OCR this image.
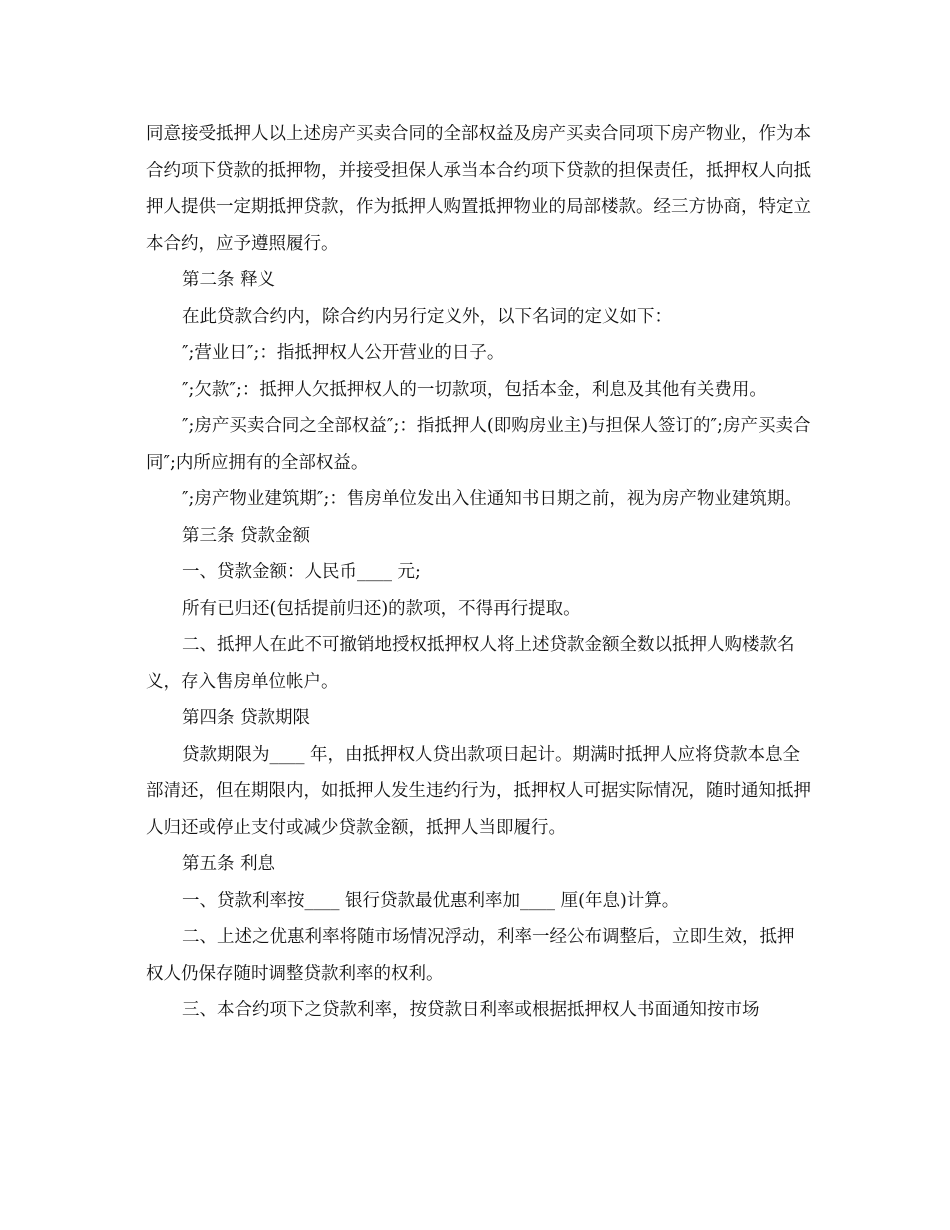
同意接受抵押人以上述房产买卖合同的全部权益及房产买卖合同项下房产物业，作为本合约项下贷款的抵押物，并接受担保人承当本合约项下贷款的担保责任，抵押权人向抵押人提供一定期抵押贷款，作为抵押人购置抵押物业的局部楼款。经三方协商，特定立本合约，应予遵照履行。

第二条 释义

在此贷款合约内，除合约内另行定义外，以下名词的定义如下：

″;营业日″;：指抵押权人公开营业的日子。

″;欠款″;：抵押人欠抵押权人的一切款项，包括本金，利息及其他有关费用。

″;房产买卖合同之全部权益″;：指抵押人(即购房业主)与担保人签订的″;房产买卖合同″;内所应拥有的全部权益。

″;房产物业建筑期″;：售房单位发出入住通知书日期之前，视为房产物业建筑期。

第三条 贷款金额

一、贷款金额：人民币____ 元;

所有已归还(包括提前归还)的款项，不得再行提取。

二、抵押人在此不可撤销地授权抵押权人将上述贷款金额全数以抵押人购楼款名义，存入售房单位帐户。

第四条 贷款期限

贷款期限为____ 年，由抵押权人贷出款项日起计。期满时抵押人应将贷款本息全部清还，但在期限内，如抵押人发生违约行为，抵押权人可据实际情况，随时通知抵押人归还或停止支付或减少贷款金额，抵押人当即履行。

第五条 利息

一、贷款利率按____ 银行贷款最优惠利率加____ 厘(年息)计算。

二、上述之优惠利率将随市场情况浮动，利率一经公布调整后，立即生效，抵押权人仍保存随时调整贷款利率的权利。

三、本合约项下之贷款利率，按贷款日利率或根据抵押权人书面通知按市场
